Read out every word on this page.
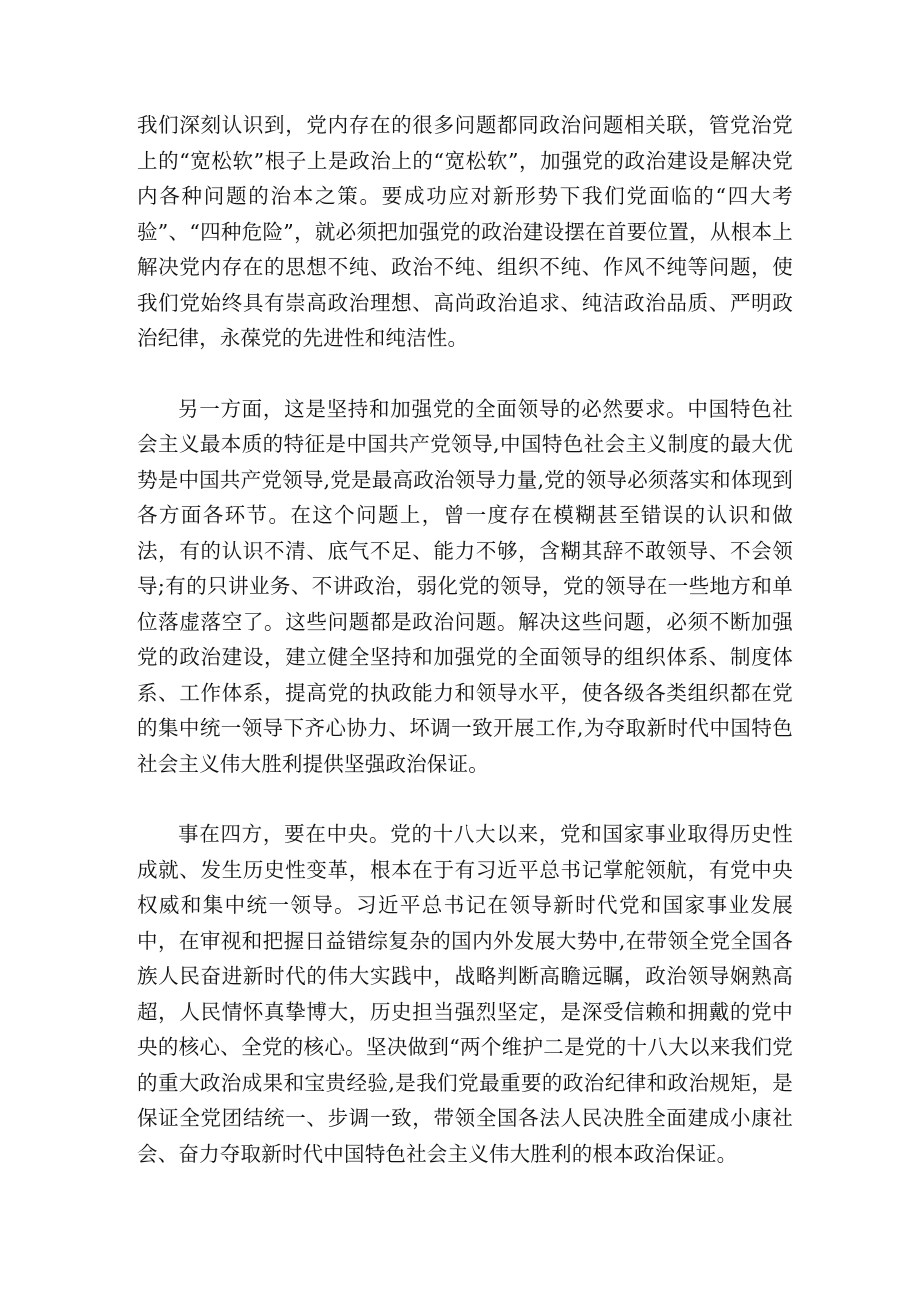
我们深刻认识到，党内存在的很多问题都同政治问题相关联，管党治党上的“宽松软”根子上是政治上的“宽松软”，加强党的政治建设是解决党内各种问题的治本之策。要成功应对新形势下我们党面临的“四大考验”、“四种危险”，就必须把加强党的政治建设摆在首要位置，从根本上解决党内存在的思想不纯、政治不纯、组织不纯、作风不纯等问题，使我们党始终具有崇高政治理想、高尚政治追求、纯洁政治品质、严明政治纪律，永葆党的先进性和纯洁性。

另一方面，这是坚持和加强党的全面领导的必然要求。中国特色社会主义最本质的特征是中国共产党领导,中国特色社会主义制度的最大优势是中国共产党领导,党是最高政治领导力量,党的领导必须落实和体现到各方面各环节。在这个问题上，曾一度存在模糊甚至错误的认识和做法，有的认识不清、底气不足、能力不够，含糊其辞不敢领导、不会领导;有的只讲业务、不讲政治，弱化党的领导，党的领导在一些地方和单位落虚落空了。这些问题都是政治问题。解决这些问题，必须不断加强党的政治建设，建立健全坚持和加强党的全面领导的组织体系、制度体系、工作体系，提高党的执政能力和领导水平，使各级各类组织都在党的集中统一领导下齐心协力、坏调一致开展工作,为夺取新时代中国特色社会主义伟大胜利提供坚强政治保证。

事在四方，要在中央。党的十八大以来，党和国家事业取得历史性成就、发生历史性变革，根本在于有习近平总书记掌舵领航，有党中央权威和集中统一领导。习近平总书记在领导新时代党和国家事业发展中，在审视和把握日益错综复杂的国内外发展大势中,在带领全党全国各族人民奋进新时代的伟大实践中，战略判断高瞻远瞩，政治领导娴熟高超，人民情怀真挚博大，历史担当强烈坚定，是深受信赖和拥戴的党中央的核心、全党的核心。坚决做到“两个维护二是党的十八大以来我们党的重大政治成果和宝贵经验,是我们党最重要的政治纪律和政治规矩，是保证全党团结统一、步调一致，带领全国各法人民决胜全面建成小康社会、奋力夺取新时代中国特色社会主义伟大胜利的根本政治保证。
